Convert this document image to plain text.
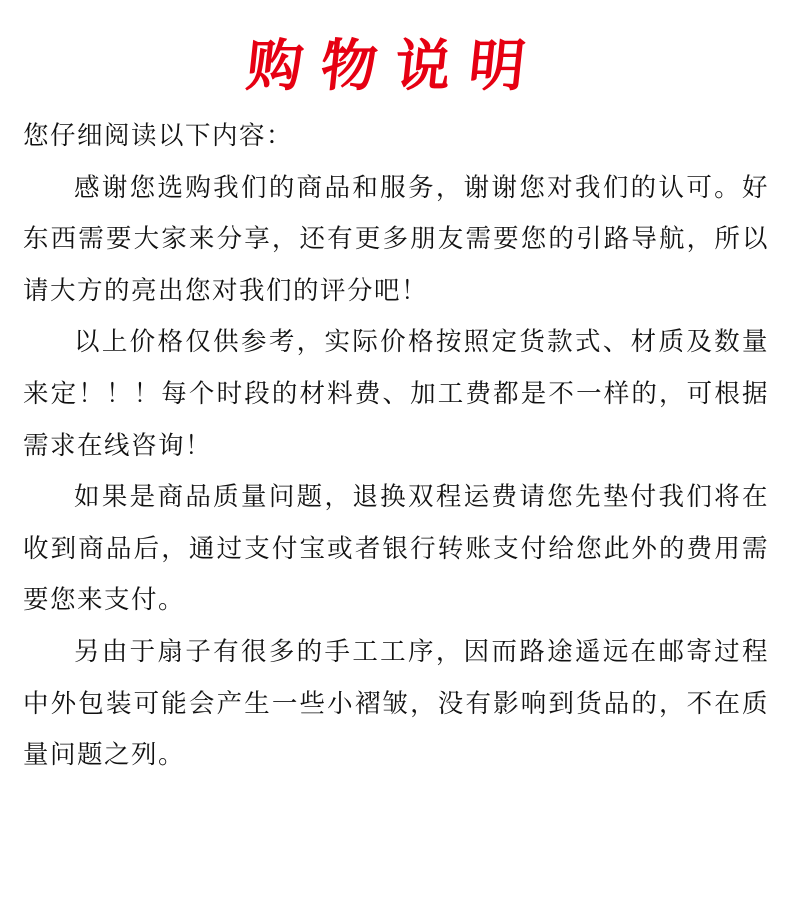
购物说明

您仔细阅读以下内容：

感谢您选购我们的商品和服务，谢谢您对我们的认可。好东西需要大家来分享，还有更多朋友需要您的引路导航，所以请大方的亮出您对我们的评分吧！

以上价格仅供参考，实际价格按照定货款式、材质及数量来定！！！每个时段的材料费、加工费都是不一样的，可根据需求在线咨询！

如果是商品质量问题，退换双程运费请您先垫付我们将在收到商品后，通过支付宝或者银行转账支付给您此外的费用需要您来支付。

另由于扇子有很多的手工工序，因而路途遥远在邮寄过程中外包装可能会产生一些小褶皱，没有影响到货品的，不在质量问题之列。
